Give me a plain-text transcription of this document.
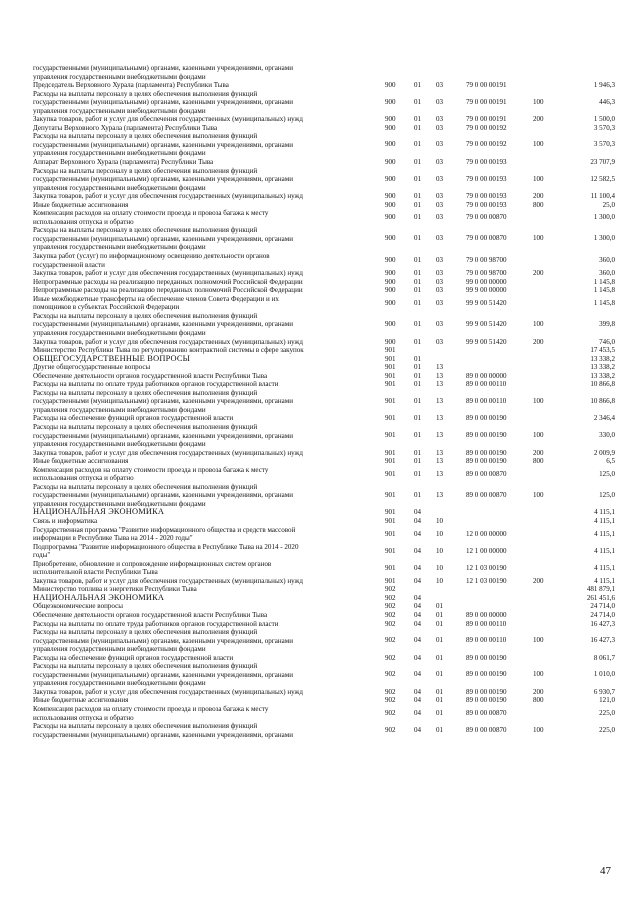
государственными (муниципальными) органами, казенными учреждениями, органами
управления государственными внебюджетными фондами
Председатель Верховного Хурала (парламента) Республики Тыва	900	01 03	79 0 00 00191	1 946,3
Расходы на выплаты персоналу в целях обеспечения выполнения функций
государственными (муниципальными) органами, казенными учреждениями, органами
управления государственными внебюджетными фондами
900	01 03	79 0 00 00191	100	446,3
Закупка товаров, работ и услуг для обеспечения государственных (муниципальных) нужд	900	01 03	79 0 00 00191	200	1 500,0
Депутаты Верховного Хурала (парламента) Республики Тыва	900	01 03	79 0 00 00192	3 570,3
Расходы на выплаты персоналу в целях обеспечения выполнения функций
государственными (муниципальными) органами, казенными учреждениями, органами
управления государственными внебюджетными фондами
900	01 03	79 0 00 00192	100	3 570,3
Аппарат Верховного Хурала (парламента) Республики Тыва	900	01 03	79 0 00 00193	23 707,9
Расходы на выплаты персоналу в целях обеспечения выполнения функций
государственными (муниципальными) органами, казенными учреждениями, органами
управления государственными внебюджетными фондами
900	01 03	79 0 00 00193	100	12 582,5
Закупка товаров, работ и услуг для обеспечения государственных (муниципальных) нужд	900	01 03	79 0 00 00193	200	11 100,4
Иные бюджетные ассигнования	900	01 03	79 0 00 00193	800	25,0
Компенсация расходов на оплату стоимости проезда и провоза багажа к месту
использования отпуска и обратно
900	01 03	79 0 00 00870	1 300,0
Расходы на выплаты персоналу в целях обеспечения выполнения функций
государственными (муниципальными) органами, казенными учреждениями, органами
управления государственными внебюджетными фондами
900	01 03	79 0 00 00870	100	1 300,0
Закупка работ (услуг) по информационному освещению деятельности органов
государственной власти
900	01 03	79 0 00 98700	360,0
Закупка товаров, работ и услуг для обеспечения государственных (муниципальных) нужд	900	01 03	79 0 00 98700	200	360,0
Непрограммные расходы на реализацию переданных полномочий Российской Федерации	900	01 03	99 0 00 00000	1 145,8
Непрограммные расходы на реализацию переданных полномочий Российской Федерации	900	01 03	99 9 00 00000	1 145,8
Иные межбюджетные трансферты на обеспечение членов Совета Федерации и их
помощников в субъектах Российской Федерации
900	01 03	99 9 00 51420	1 145,8
Расходы на выплаты персоналу в целях обеспечения выполнения функций
государственными (муниципальными) органами, казенными учреждениями, органами
управления государственными внебюджетными фондами
900	01 03	99 9 00 51420	100	399,8
Закупка товаров, работ и услуг для обеспечения государственных (муниципальных) нужд	900	01 03	99 9 00 51420	200	746,0
Министерство Республики Тыва по регулированию контрактной системы в сфере закупок	901	17 453,5
ОБЩЕГОСУДАРСТВЕННЫЕ ВОПРОСЫ	901	01	13 338,2
Другие общегосударственные вопросы	901	01 13	13 338,2
Обеспечение деятельности органов государственной власти Республики Тыва	901	01 13	89 0 00 00000	13 338,2
Расходы на выплаты по оплате труда работников органов государственной власти	901	01 13	89 0 00 00110	10 866,8
Расходы на выплаты персоналу в целях обеспечения выполнения функций
государственными (муниципальными) органами, казенными учреждениями, органами
управления государственными внебюджетными фондами
901	01 13	89 0 00 00110	100	10 866,8
Расходы на обеспечение функций органов государственной власти	901	01 13	89 0 00 00190	2 346,4
Расходы на выплаты персоналу в целях обеспечения выполнения функций
государственными (муниципальными) органами, казенными учреждениями, органами
управления государственными внебюджетными фондами
901	01 13	89 0 00 00190	100	330,0
Закупка товаров, работ и услуг для обеспечения государственных (муниципальных) нужд	901	01 13	89 0 00 00190	200	2 009,9
Иные бюджетные ассигнования	901	01 13	89 0 00 00190	800	6,5
Компенсация расходов на оплату стоимости проезда и провоза багажа к месту
использования отпуска и обратно
901	01 13	89 0 00 00870	125,0
Расходы на выплаты персоналу в целях обеспечения выполнения функций
государственными (муниципальными) органами, казенными учреждениями, органами
управления государственными внебюджетными фондами
901	01 13	89 0 00 00870	100	125,0
НАЦИОНАЛЬНАЯ ЭКОНОМИКА	901	04	4 115,1
Связь и информатика	901	04 10	4 115,1
Государственная программа "Развитие информационного общества и средств массовой
информации в Республике Тыва на 2014 - 2020 годы"
901	04 10	12 0 00 00000	4 115,1
Подпрограмма "Развитие информационного общества в Республике Тыва на 2014 - 2020
годы"
901	04 10	12 1 00 00000	4 115,1
Приобретение, обновление и сопровождение информационных систем органов
исполнительной власти Республики Тыва
901	04 10	12 1 03 00190	4 115,1
Закупка товаров, работ и услуг для обеспечения государственных (муниципальных) нужд	901	04 10	12 1 03 00190	200	4 115,1
Министерство топлива и энергетики Республики Тыва	902	481 879,1
НАЦИОНАЛЬНАЯ ЭКОНОМИКА	902	04	261 451,6
Общеэкономические вопросы	902	04 01	24 714,0
Обеспечение деятельности органов государственной власти Республики Тыва	902	04 01	89 0 00 00000	24 714,0
Расходы на выплаты по оплате труда работников органов государственной власти	902	04 01	89 0 00 00110	16 427,3
Расходы на выплаты персоналу в целях обеспечения выполнения функций
государственными (муниципальными) органами, казенными учреждениями, органами
управления государственными внебюджетными фондами
902	04 01	89 0 00 00110	100	16 427,3
Расходы на обеспечение функций органов государственной власти	902	04 01	89 0 00 00190	8 061,7
Расходы на выплаты персоналу в целях обеспечения выполнения функций
государственными (муниципальными) органами, казенными учреждениями, органами
управления государственными внебюджетными фондами
902	04 01	89 0 00 00190	100	1 010,0
Закупка товаров, работ и услуг для обеспечения государственных (муниципальных) нужд	902	04 01	89 0 00 00190	200	6 930,7
Иные бюджетные ассигнования	902	04 01	89 0 00 00190	800	121,0
Компенсация расходов на оплату стоимости проезда и провоза багажа к месту
использования отпуска и обратно
902	04 01	89 0 00 00870	225,0
Расходы на выплаты персоналу в целях обеспечения выполнения функций
государственными (муниципальными) органами, казенными учреждениями, органами
902	04 01	89 0 00 00870	100	225,0
47
